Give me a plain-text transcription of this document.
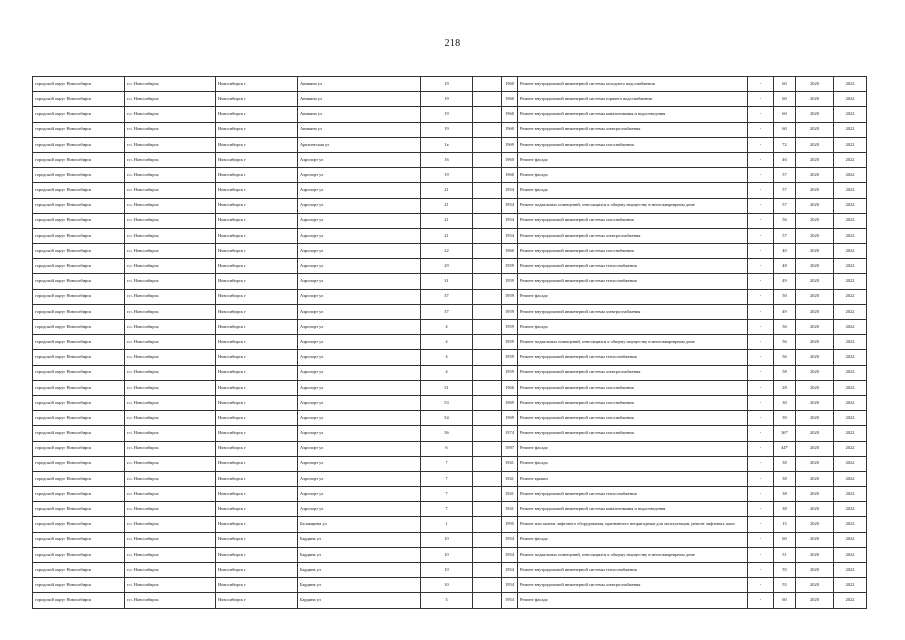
218
городской округ Новосибирск	г.о. Новосибирск	Новосибирск г	Аникина ул	19		1960	Ремонт внутридомовой инженерной системы холодного водоснабжения	-	60	2020	2022
городской округ Новосибирск	г.о. Новосибирск	Новосибирск г	Аникина ул	19		1960	Ремонт внутридомовой инженерной системы горячего водоснабжения	-	60	2020	2022
городской округ Новосибирск	г.о. Новосибирск	Новосибирск г	Аникина ул	19		1960	Ремонт внутридомовой инженерной системы канализования и водоотведения	-	60	2020	2022
городской округ Новосибирск	г.о. Новосибирск	Новосибирск г	Аникина ул	19		1960	Ремонт внутридомовой инженерной системы электроснабжения	-	60	2020	2022
городской округ Новосибирск	г.о. Новосибирск	Новосибирск г	Арктическая ул	1а		1969	Ремонт внутридомовой инженерной системы газоснабжения	-	72	2020	2022
городской округ Новосибирск	г.о. Новосибирск	Новосибирск г	Аэропорт ул	16		1960	Ремонт фасада	-	46	2020	2022
городской округ Новосибирск	г.о. Новосибирск	Новосибирск г	Аэропорт ул	19		1960	Ремонт фасада	-	57	2020	2022
городской округ Новосибирск	г.о. Новосибирск	Новосибирск г	Аэропорт ул	21		1954	Ремонт фасада	-	57	2020	2022
городской округ Новосибирск	г.о. Новосибирск	Новосибирск г	Аэропорт ул	21		1954	Ремонт подвальных помещений, относящихся к общему имуществу в многоквартирном доме	-	57	2020	2022
городской округ Новосибирск	г.о. Новосибирск	Новосибирск г	Аэропорт ул	21		1954	Ремонт внутридомовой инженерной системы газоснабжения	-	56	2020	2022
городской округ Новосибирск	г.о. Новосибирск	Новосибирск г	Аэропорт ул	21		1954	Ремонт внутридомовой инженерной системы электроснабжения	-	57	2020	2022
городской округ Новосибирск	г.о. Новосибирск	Новосибирск г	Аэропорт ул	22		1960	Ремонт внутридомовой инженерной системы газоснабжения	-	40	2020	2022
городской округ Новосибирск	г.о. Новосибирск	Новосибирск г	Аэропорт ул	29		1959	Ремонт внутридомовой инженерной системы теплоснабжения	-	48	2020	2022
городской округ Новосибирск	г.о. Новосибирск	Новосибирск г	Аэропорт ул	31		1959	Ремонт внутридомовой инженерной системы теплоснабжения	-	49	2020	2022
городской округ Новосибирск	г.о. Новосибирск	Новосибирск г	Аэропорт ул	37		1959	Ремонт фасада	-	50	2020	2022
городской округ Новосибирск	г.о. Новосибирск	Новосибирск г	Аэропорт ул	37		1959	Ремонт внутридомовой инженерной системы электроснабжения	-	49	2020	2022
городской округ Новосибирск	г.о. Новосибирск	Новосибирск г	Аэропорт ул	4		1959	Ремонт фасада	-	56	2020	2022
городской округ Новосибирск	г.о. Новосибирск	Новосибирск г	Аэропорт ул	4		1959	Ремонт подвальных помещений, относящихся к общему имуществу в многоквартирном доме	-	56	2020	2022
городской округ Новосибирск	г.о. Новосибирск	Новосибирск г	Аэропорт ул	4		1959	Ремонт внутридомовой инженерной системы теплоснабжения	-	56	2020	2022
городской округ Новосибирск	г.о. Новосибирск	Новосибирск г	Аэропорт ул	4		1959	Ремонт внутридомовой инженерной системы электроснабжения	-	58	2020	2022
городской округ Новосибирск	г.о. Новосибирск	Новосибирск г	Аэропорт ул	51		1966	Ремонт внутридомовой инженерной системы газоснабжения	-	28	2020	2022
городской округ Новосибирск	г.о. Новосибирск	Новосибирск г	Аэропорт ул	53		1969	Ремонт внутридомовой инженерной системы газоснабжения	-	30	2020	2022
городской округ Новосибирск	г.о. Новосибирск	Новосибирск г	Аэропорт ул	54		1969	Ремонт внутридомовой инженерной системы газоснабжения	-	39	2020	2022
городской округ Новосибирск	г.о. Новосибирск	Новосибирск г	Аэропорт ул	56		1974	Ремонт внутридомовой инженерной системы газоснабжения	-	36*	2020	2022
городской округ Новосибирск	г.о. Новосибирск	Новосибирск г	Аэропорт ул	6		1987	Ремонт фасада	-	44*	2020	2022
городской округ Новосибирск	г.о. Новосибирск	Новосибирск г	Аэропорт ул	7		1941	Ремонт фасада	-	38	2020	2022
городской округ Новосибирск	г.о. Новосибирск	Новосибирск г	Аэропорт ул	7		1941	Ремонт крыши	-	38	2020	2022
городской округ Новосибирск	г.о. Новосибирск	Новосибирск г	Аэропорт ул	7		1941	Ремонт внутридомовой инженерной системы теплоснабжения	-	38	2020	2022
городской округ Новосибирск	г.о. Новосибирск	Новосибирск г	Аэропорт ул	7		1941	Ремонт внутридомовой инженерной системы канализования и водоотведения	-	38	2020	2022
городской округ Новосибирск	г.о. Новосибирск	Новосибирск г	Балакирева ул	1		1995	Ремонт или замена лифтового оборудования, признанного непригодным для эксплуатации, ремонт лифтовых шахт	-	15	2020	2022
городской округ Новосибирск	г.о. Новосибирск	Новосибирск г	Бардина ул	10		1954	Ремонт фасада	-	60	2020	2022
городской округ Новосибирск	г.о. Новосибирск	Новосибирск г	Бардина ул	10		1954	Ремонт подвальных помещений, относящихся к общему имуществу в многоквартирном доме	-	51	2020	2022
городской округ Новосибирск	г.о. Новосибирск	Новосибирск г	Бардина ул	10		1954	Ремонт внутридомовой инженерной системы теплоснабжения	-	55	2020	2022
городской округ Новосибирск	г.о. Новосибирск	Новосибирск г	Бардина ул	10		1954	Ремонт внутридомовой инженерной системы электроснабжения	-	55	2020	2022
городской округ Новосибирск	г.о. Новосибирск	Новосибирск г	Бардина ул	3		1954	Ремонт фасада	-	60	2020	2022
